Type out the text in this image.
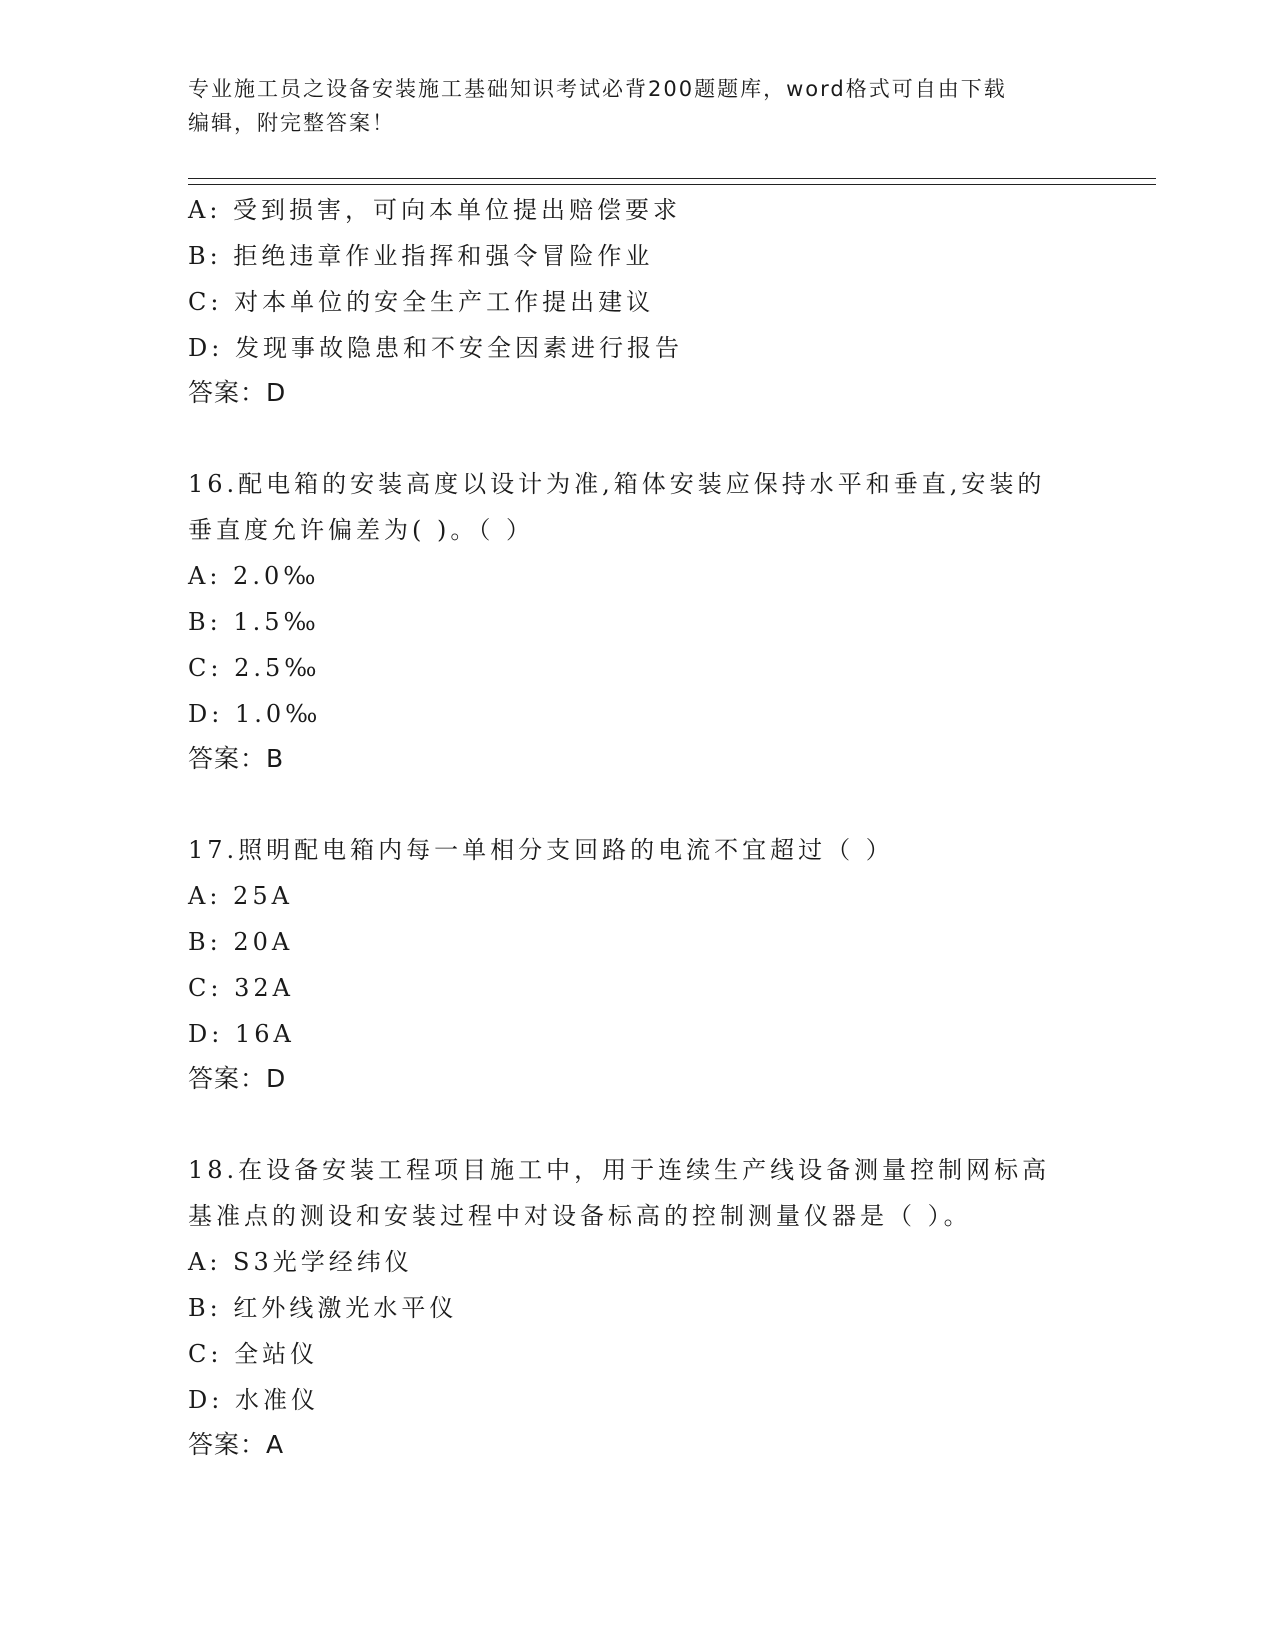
专业施工员之设备安装施工基础知识考试必背200题题库，word格式可自由下载
编辑，附完整答案！
A: 受到损害，可向本单位提出赔偿要求
B: 拒绝违章作业指挥和强令冒险作业
C: 对本单位的安全生产工作提出建议
D: 发现事故隐患和不安全因素进行报告
答案：D
16.配电箱的安装高度以设计为准,箱体安装应保持水平和垂直,安装的
垂直度允许偏差为( )。（ ）
A: 2.0‰
B: 1.5‰
C: 2.5‰
D: 1.0‰
答案：B
17.照明配电箱内每一单相分支回路的电流不宜超过（ ）
A: 25A
B: 20A
C: 32A
D: 16A
答案：D
18.在设备安装工程项目施工中，用于连续生产线设备测量控制网标高
基准点的测设和安装过程中对设备标高的控制测量仪器是（ ）。
A: S3光学经纬仪
B: 红外线激光水平仪
C: 全站仪
D: 水准仪
答案：A
